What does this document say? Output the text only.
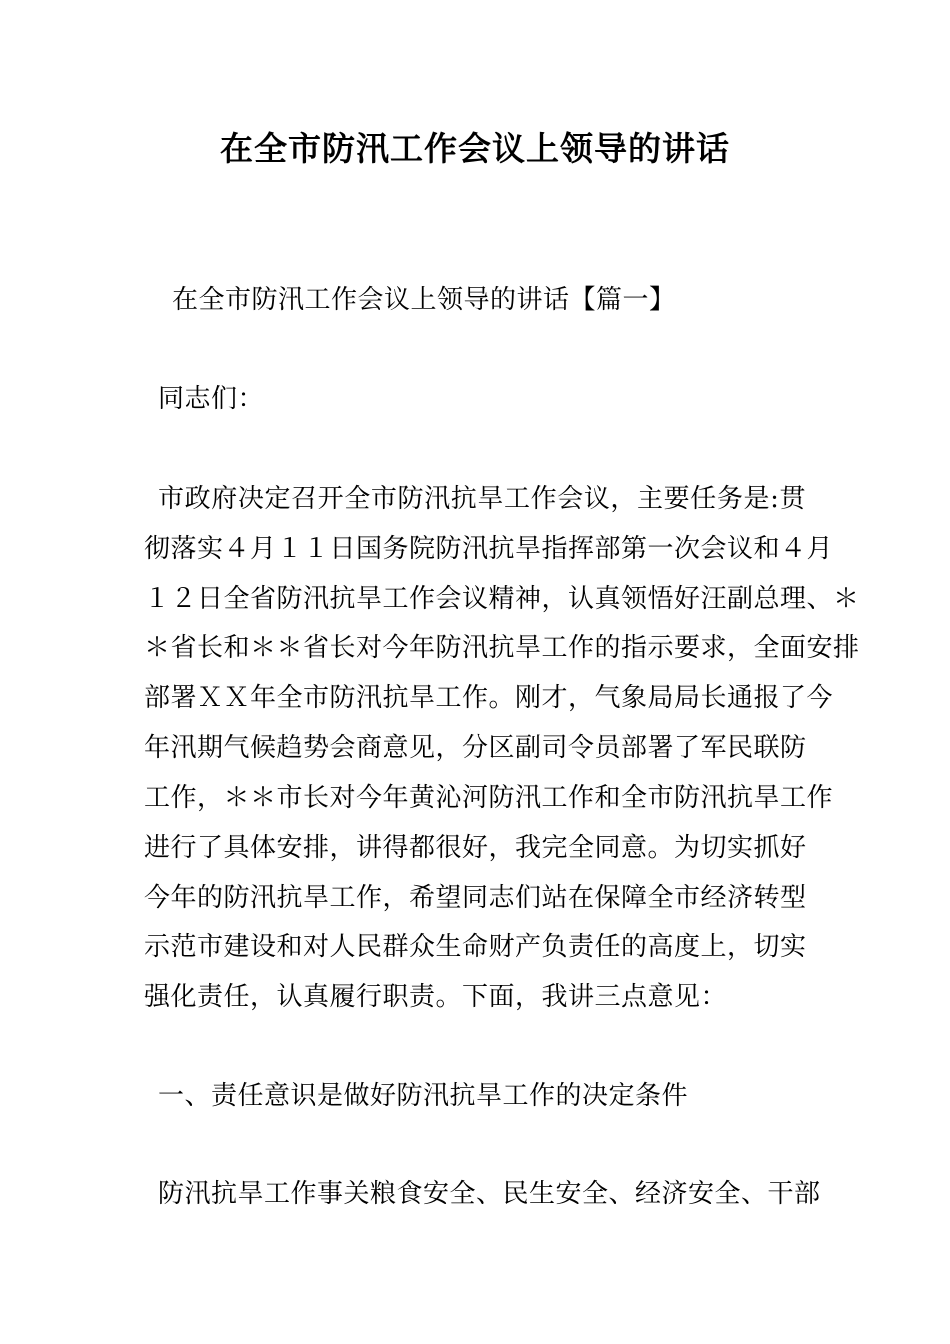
在全市防汛工作会议上领导的讲话
在全市防汛工作会议上领导的讲话【篇一】
同志们：
市政府决定召开全市防汛抗旱工作会议，主要任务是:贯
彻落实４月１１日国务院防汛抗旱指挥部第一次会议和４月
１２日全省防汛抗旱工作会议精神，认真领悟好汪副总理、＊
＊省长和＊＊省长对今年防汛抗旱工作的指示要求，全面安排
部署ＸＸ年全市防汛抗旱工作。刚才，气象局局长通报了今
年汛期气候趋势会商意见，分区副司令员部署了军民联防
工作，＊＊市长对今年黄沁河防汛工作和全市防汛抗旱工作
进行了具体安排，讲得都很好，我完全同意。为切实抓好
今年的防汛抗旱工作，希望同志们站在保障全市经济转型
示范市建设和对人民群众生命财产负责任的高度上，切实
强化责任，认真履行职责。下面，我讲三点意见：
一、责任意识是做好防汛抗旱工作的决定条件
防汛抗旱工作事关粮食安全、民生安全、经济安全、干部
